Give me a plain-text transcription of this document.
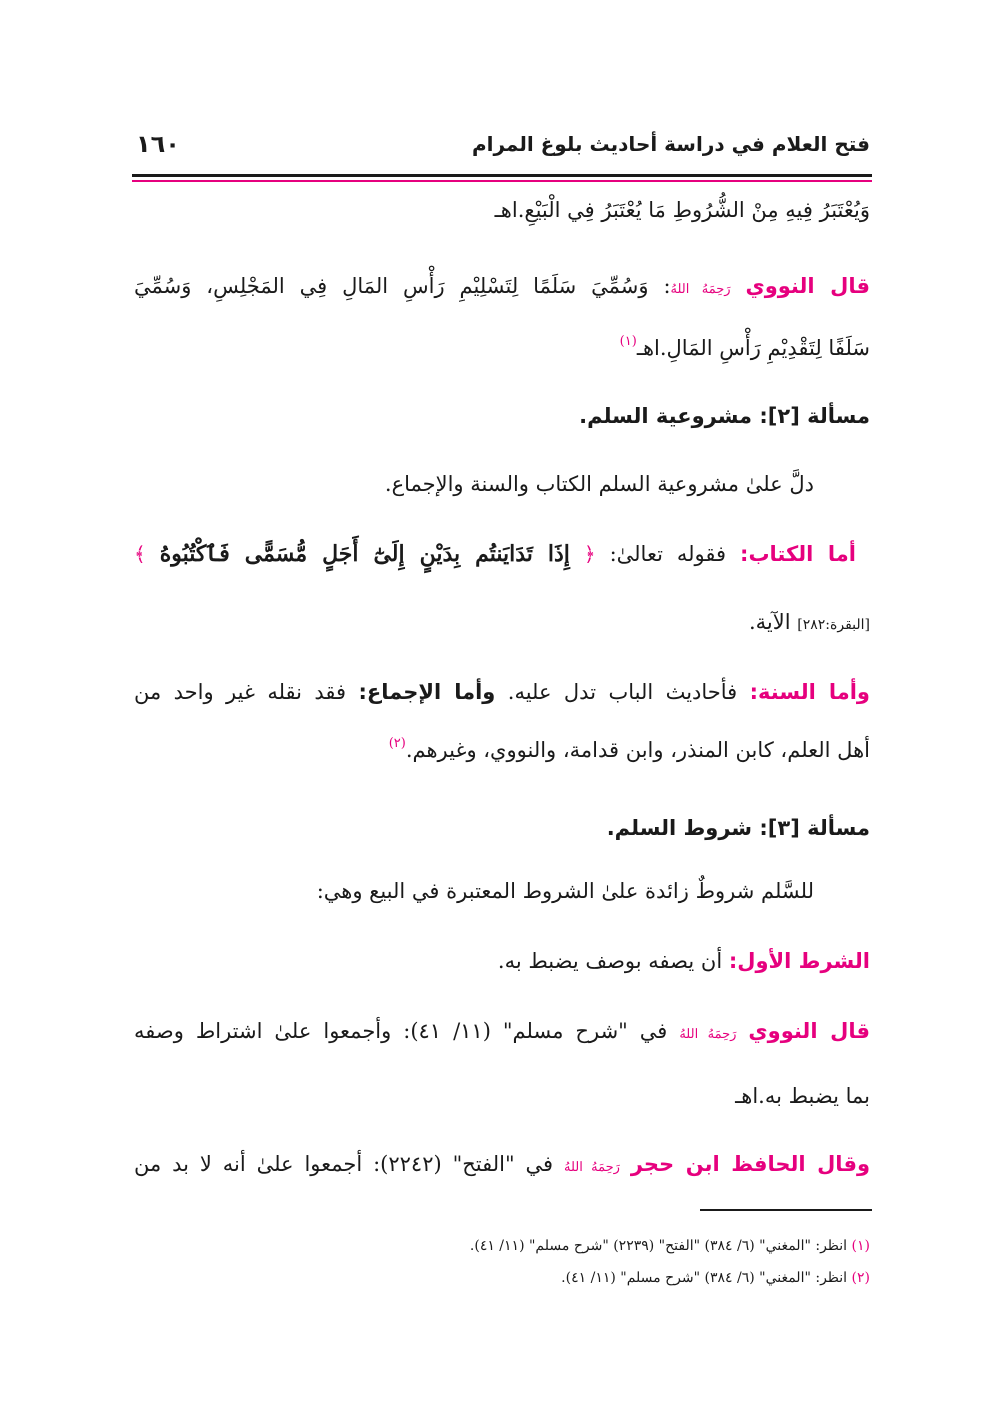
فتح العلام في دراسة أحاديث بلوغ المرام
١٦٠
وَيُعْتَبَرُ فِيهِ مِنْ الشُّرُوطِ مَا يُعْتَبَرُ فِي الْبَيْعِ.اهـ
قال النووي رَحِمَهُ اللهُ: وَسُمِّيَ سَلَمًا لِتَسْلِيْمِ رَأْسِ المَالِ فِي المَجْلِسِ، وَسُمِّيَ
سَلَفًا لِتَقْدِيْمِ رَأْسِ المَالِ.اهـ$^{(١)}$
مسألة [٢]: مشروعية السلم.
دلَّ علىٰ مشروعية السلم الكتاب والسنة والإجماع.
أما الكتاب: فقوله تعالىٰ: ﴿ إِذَا تَدَايَنتُم بِدَيْنٍ إِلَىٰٓ أَجَلٍ مُّسَمًّى فَٱكْتُبُوهُ ﴾
[البقرة:٢٨٢] الآية.
وأما السنة: فأحاديث الباب تدل عليه. وأما الإجماع: فقد نقله غير واحد من
أهل العلم، كابن المنذر، وابن قدامة، والنووي، وغيرهم.$^{(٢)}$
مسألة [٣]: شروط السلم.
للسَّلم شروطٌ زائدة علىٰ الشروط المعتبرة في البيع وهي:
الشرط الأول: أن يصفه بوصف يضبط به.
قال النووي رَحِمَهُ اللهُ في "شرح مسلم" (١١/ ٤١): وأجمعوا علىٰ اشتراط وصفه
بما يضبط به.اهـ
وقال الحافظ ابن حجر رَحِمَهُ اللهُ في "الفتح" (٢٢٤٢): أجمعوا علىٰ أنه لا بد من
(١) انظر: "المغني" (٦/ ٣٨٤) "الفتح" (٢٢٣٩) "شرح مسلم" (١١/ ٤١).
(٢) انظر: "المغني" (٦/ ٣٨٤) "شرح مسلم" (١١/ ٤١).
